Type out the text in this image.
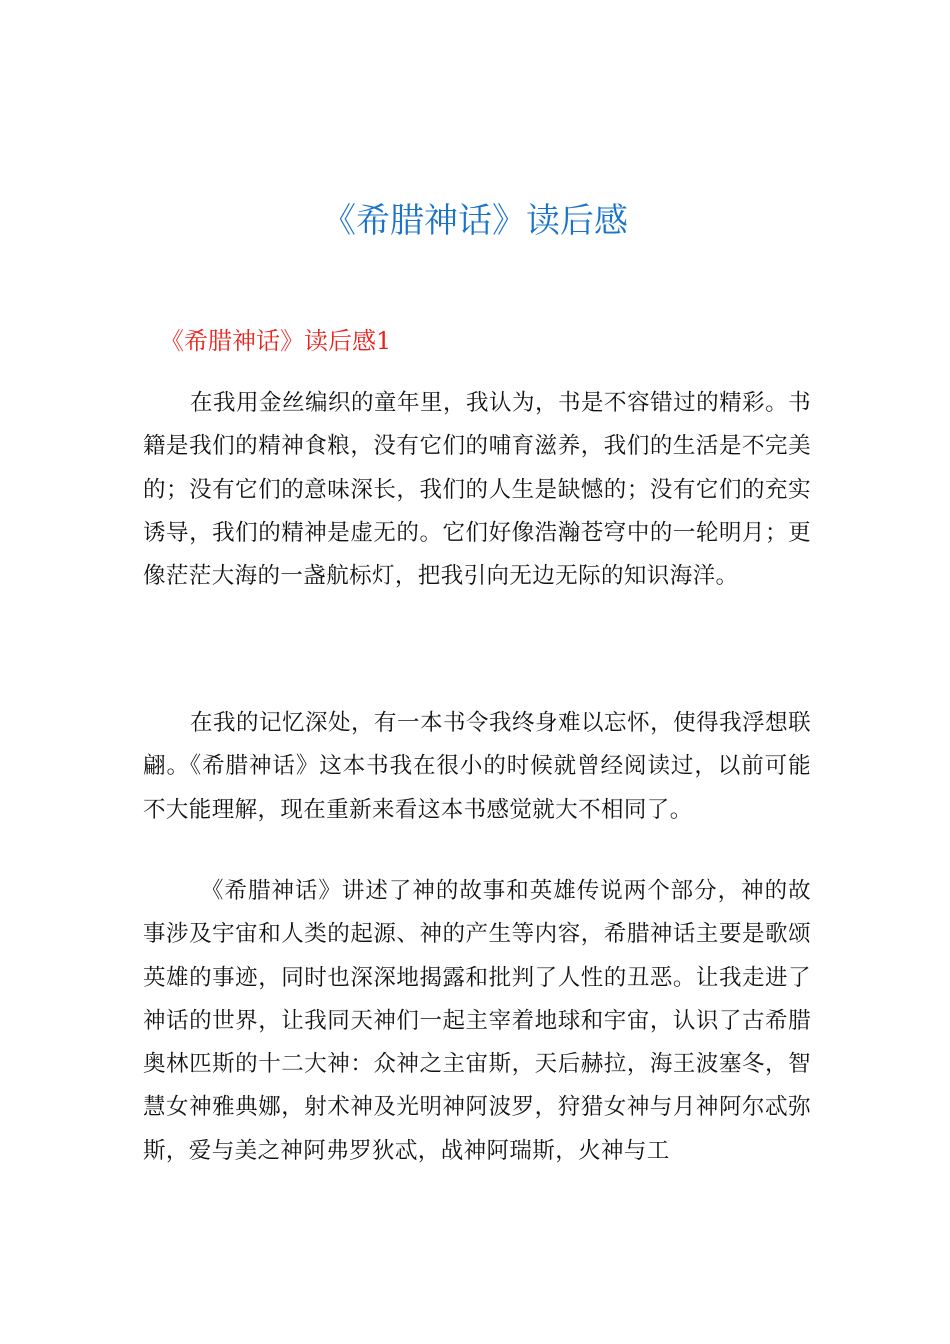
《希腊神话》读后感
《希腊神话》读后感1

在我用金丝编织的童年里，我认为，书是不容错过的精彩。书籍是我们的精神食粮，没有它们的哺育滋养，我们的生活是不完美的；没有它们的意味深长，我们的人生是缺憾的；没有它们的充实诱导，我们的精神是虚无的。它们好像浩瀚苍穹中的一轮明月；更像茫茫大海的一盏航标灯，把我引向无边无际的知识海洋。

在我的记忆深处，有一本书令我终身难以忘怀，使得我浮想联翩。《希腊神话》这本书我在很小的时候就曾经阅读过，以前可能不大能理解，现在重新来看这本书感觉就大不相同了。

《希腊神话》讲述了神的故事和英雄传说两个部分，神的故事涉及宇宙和人类的起源、神的产生等内容，希腊神话主要是歌颂英雄的事迹，同时也深深地揭露和批判了人性的丑恶。让我走进了神话的世界，让我同天神们一起主宰着地球和宇宙，认识了古希腊奥林匹斯的十二大神：众神之主宙斯，天后赫拉，海王波塞冬，智慧女神雅典娜，射术神及光明神阿波罗，狩猎女神与月神阿尔忒弥斯，爱与美之神阿弗罗狄忒，战神阿瑞斯，火神与工
